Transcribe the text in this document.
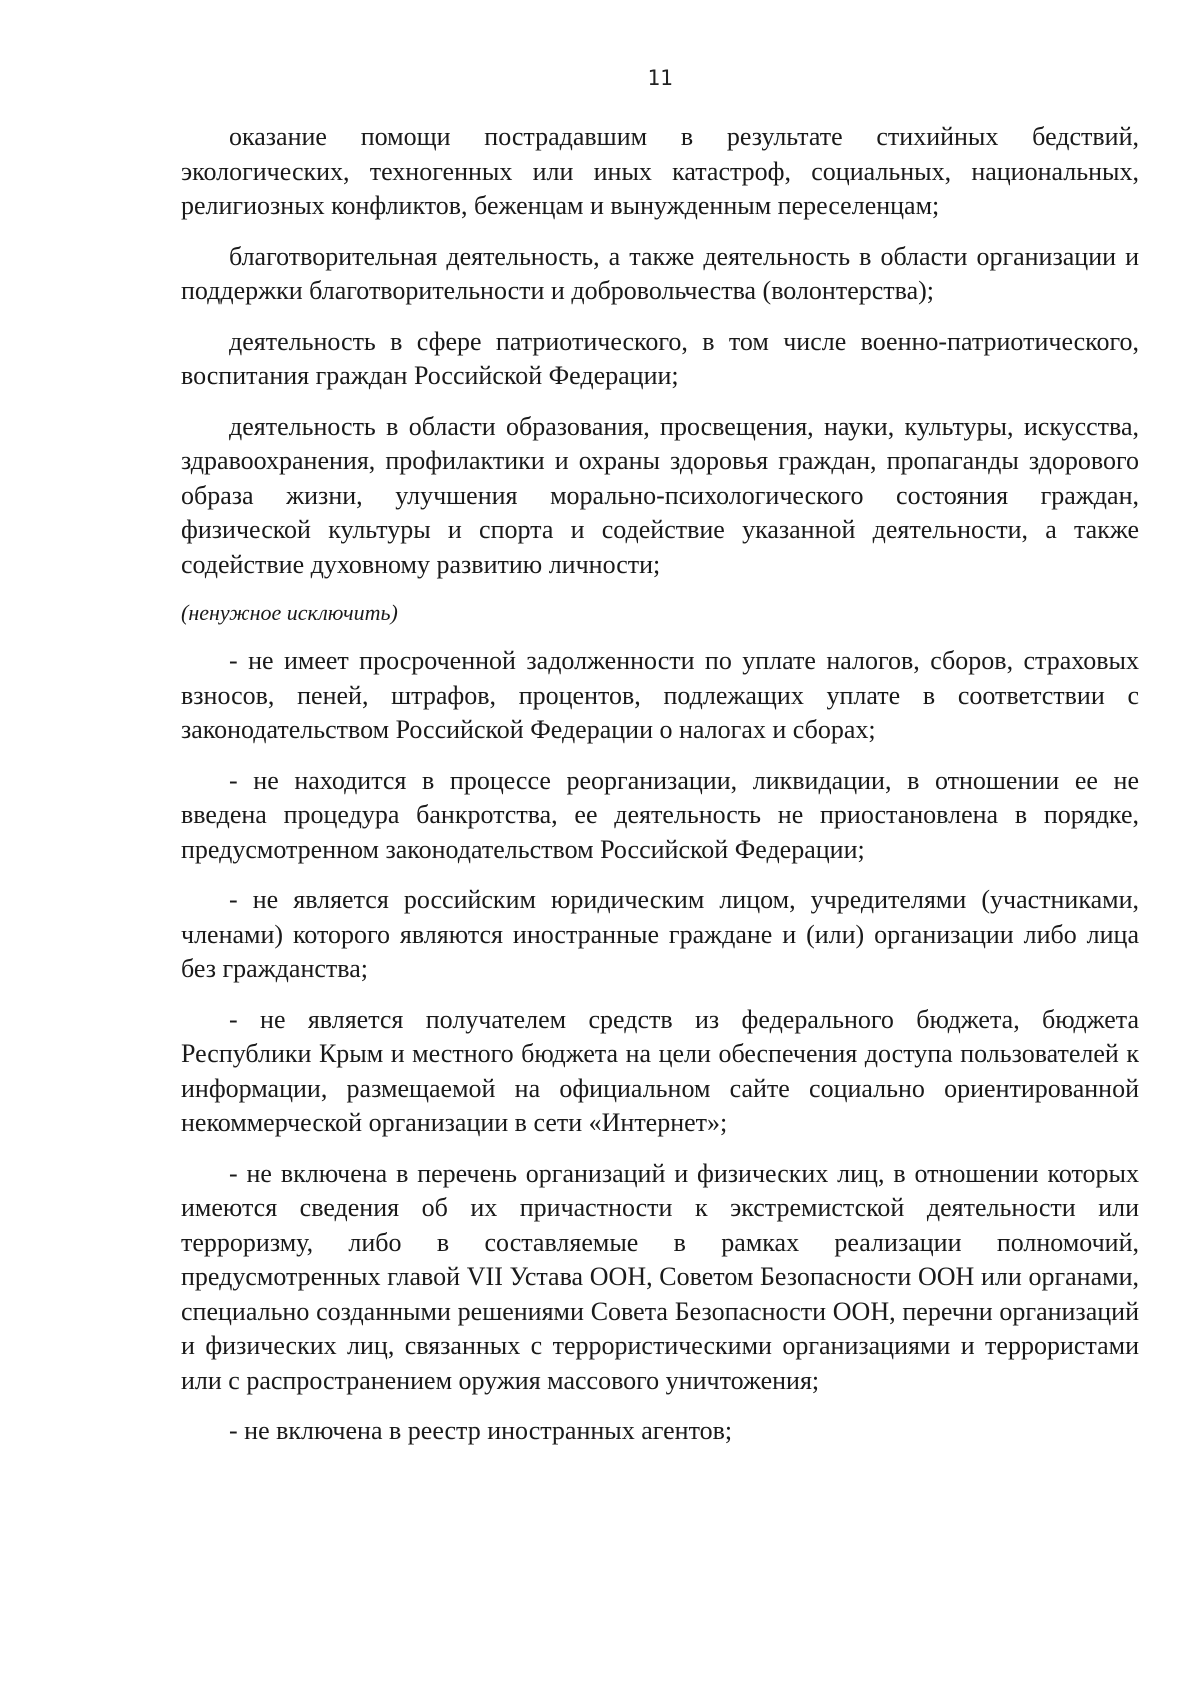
11

оказание помощи пострадавшим в результате стихийных бедствий, экологических, техногенных или иных катастроф, социальных, национальных, религиозных конфликтов, беженцам и вынужденным переселенцам;

благотворительная деятельность, а также деятельность в области организации и поддержки благотворительности и добровольчества (волонтерства);

деятельность в сфере патриотического, в том числе военно-патриотического, воспитания граждан Российской Федерации;

деятельность в области образования, просвещения, науки, культуры, искусства, здравоохранения, профилактики и охраны здоровья граждан, пропаганды здорового образа жизни, улучшения морально-психологического состояния граждан, физической культуры и спорта и содействие указанной деятельности, а также содействие духовному развитию личности;

(ненужное исключить)

- не имеет просроченной задолженности по уплате налогов, сборов, страховых взносов, пеней, штрафов, процентов, подлежащих уплате в соответствии с законодательством Российской Федерации о налогах и сборах;

- не находится в процессе реорганизации, ликвидации, в отношении ее не введена процедура банкротства, ее деятельность не приостановлена в порядке, предусмотренном законодательством Российской Федерации;

- не является российским юридическим лицом, учредителями (участниками, членами) которого являются иностранные граждане и (или) организации либо лица без гражданства;

- не является получателем средств из федерального бюджета, бюджета Республики Крым и местного бюджета на цели обеспечения доступа пользователей к информации, размещаемой на официальном сайте социально ориентированной некоммерческой организации в сети «Интернет»;

- не включена в перечень организаций и физических лиц, в отношении которых имеются сведения об их причастности к экстремистской деятельности или терроризму, либо в составляемые в рамках реализации полномочий, предусмотренных главой VII Устава ООН, Советом Безопасности ООН или органами, специально созданными решениями Совета Безопасности ООН, перечни организаций и физических лиц, связанных с террористическими организациями и террористами или с распространением оружия массового уничтожения;

- не включена в реестр иностранных агентов;
